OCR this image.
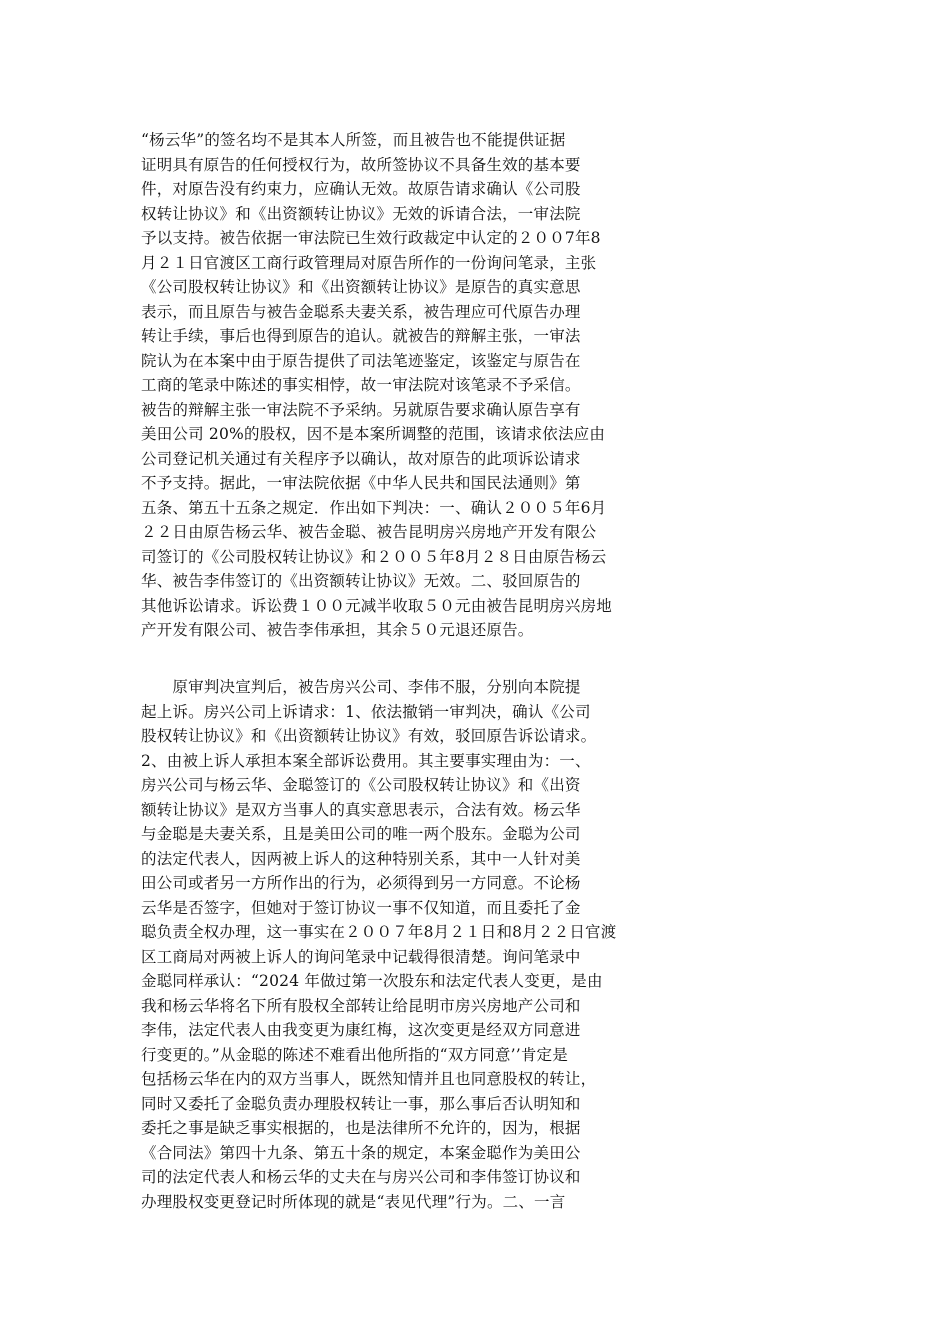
“杨云华”的签名均不是其本人所签，而且被告也不能提供证据
证明具有原告的任何授权行为，故所签协议不具备生效的基本要
件，对原告没有约束力，应确认无效。故原告请求确认《公司股
权转让协议》和《出资额转让协议》无效的诉请合法，一审法院
予以支持。被告依据一审法院已生效行政裁定中认定的２００7年8
月２１日官渡区工商行政管理局对原告所作的一份询问笔录，主张
《公司股权转让协议》和《出资额转让协议》是原告的真实意思
表示，而且原告与被告金聪系夫妻关系，被告理应可代原告办理
转让手续，事后也得到原告的追认。就被告的辩解主张，一审法
院认为在本案中由于原告提供了司法笔迹鉴定，该鉴定与原告在
工商的笔录中陈述的事实相悖，故一审法院对该笔录不予采信。
被告的辩解主张一审法院不予采纳。另就原告要求确认原告享有
美田公司 20%的股权，因不是本案所调整的范围，该请求依法应由
公司登记机关通过有关程序予以确认，故对原告的此项诉讼请求
不予支持。据此，一审法院依据《中华人民共和国民法通则》第
五条、第五十五条之规定．作出如下判决：一、确认２００５年6月
２２日由原告杨云华、被告金聪、被告昆明房兴房地产开发有限公
司签订的《公司股权转让协议》和２００５年8月２８日由原告杨云
华、被告李伟签订的《出资额转让协议》无效。二、驳回原告的
其他诉讼请求。诉讼费１００元减半收取５０元由被告昆明房兴房地
产开发有限公司、被告李伟承担，其余５０元退还原告。
　　原审判决宣判后，被告房兴公司、李伟不服，分别向本院提
起上诉。房兴公司上诉请求：1、依法撤销一审判决，确认《公司
股权转让协议》和《出资额转让协议》有效，驳回原告诉讼请求。
2、由被上诉人承担本案全部诉讼费用。其主要事实理由为：一、
房兴公司与杨云华、金聪签订的《公司股权转让协议》和《出资
额转让协议》是双方当事人的真实意思表示，合法有效。杨云华
与金聪是夫妻关系，且是美田公司的唯一两个股东。金聪为公司
的法定代表人，因两被上诉人的这种特别关系，其中一人针对美
田公司或者另一方所作出的行为，必须得到另一方同意。不论杨
云华是否签字，但她对于签订协议一事不仅知道，而且委托了金
聪负责全权办理，这一事实在２００７年8月２１日和8月２２日官渡
区工商局对两被上诉人的询问笔录中记载得很清楚。询问笔录中
金聪同样承认：“2024 年做过第一次股东和法定代表人变更，是由
我和杨云华将名下所有股权全部转让给昆明市房兴房地产公司和
李伟，法定代表人由我变更为康红梅，这次变更是经双方同意进
行变更的。”从金聪的陈述不难看出他所指的“双方同意’’肯定是
包括杨云华在内的双方当事人，既然知情并且也同意股权的转让，
同时又委托了金聪负责办理股权转让一事，那么事后否认明知和
委托之事是缺乏事实根据的，也是法律所不允许的，因为，根据
《合同法》第四十九条、第五十条的规定，本案金聪作为美田公
司的法定代表人和杨云华的丈夫在与房兴公司和李伟签订协议和
办理股权变更登记时所体现的就是“表见代理”行为。二、一言
